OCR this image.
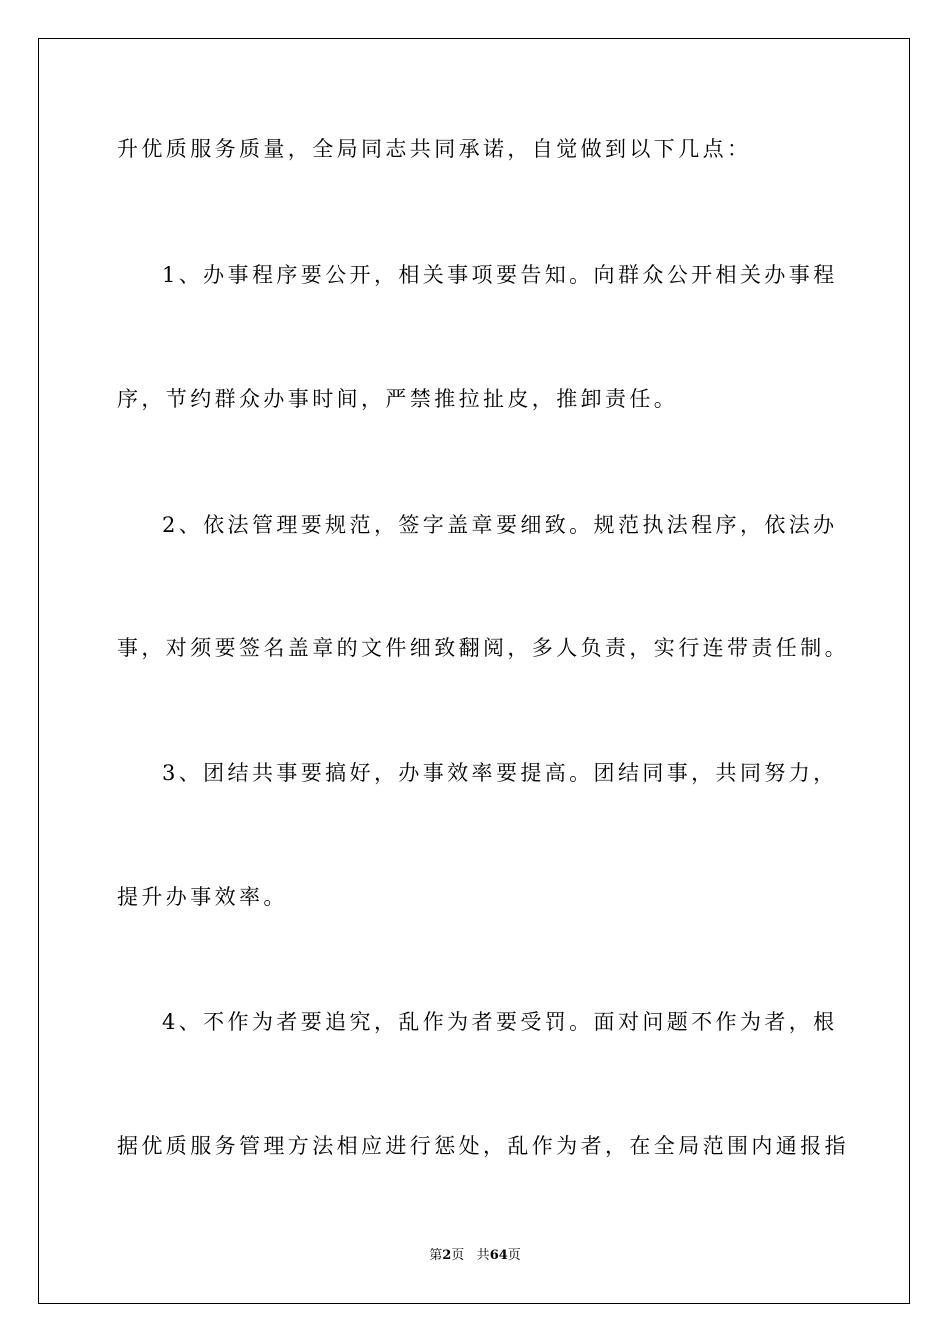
升优质服务质量，全局同志共同承诺，自觉做到以下几点：
1、办事程序要公开，相关事项要告知。向群众公开相关办事程
序，节约群众办事时间，严禁推拉扯皮，推卸责任。
2、依法管理要规范，签字盖章要细致。规范执法程序，依法办
事，对须要签名盖章的文件细致翻阅，多人负责，实行连带责任制。
3、团结共事要搞好，办事效率要提高。团结同事，共同努力，
提升办事效率。
4、不作为者要追究，乱作为者要受罚。面对问题不作为者，根
据优质服务管理方法相应进行惩处，乱作为者，在全局范围内通报指
第2页 共64页
